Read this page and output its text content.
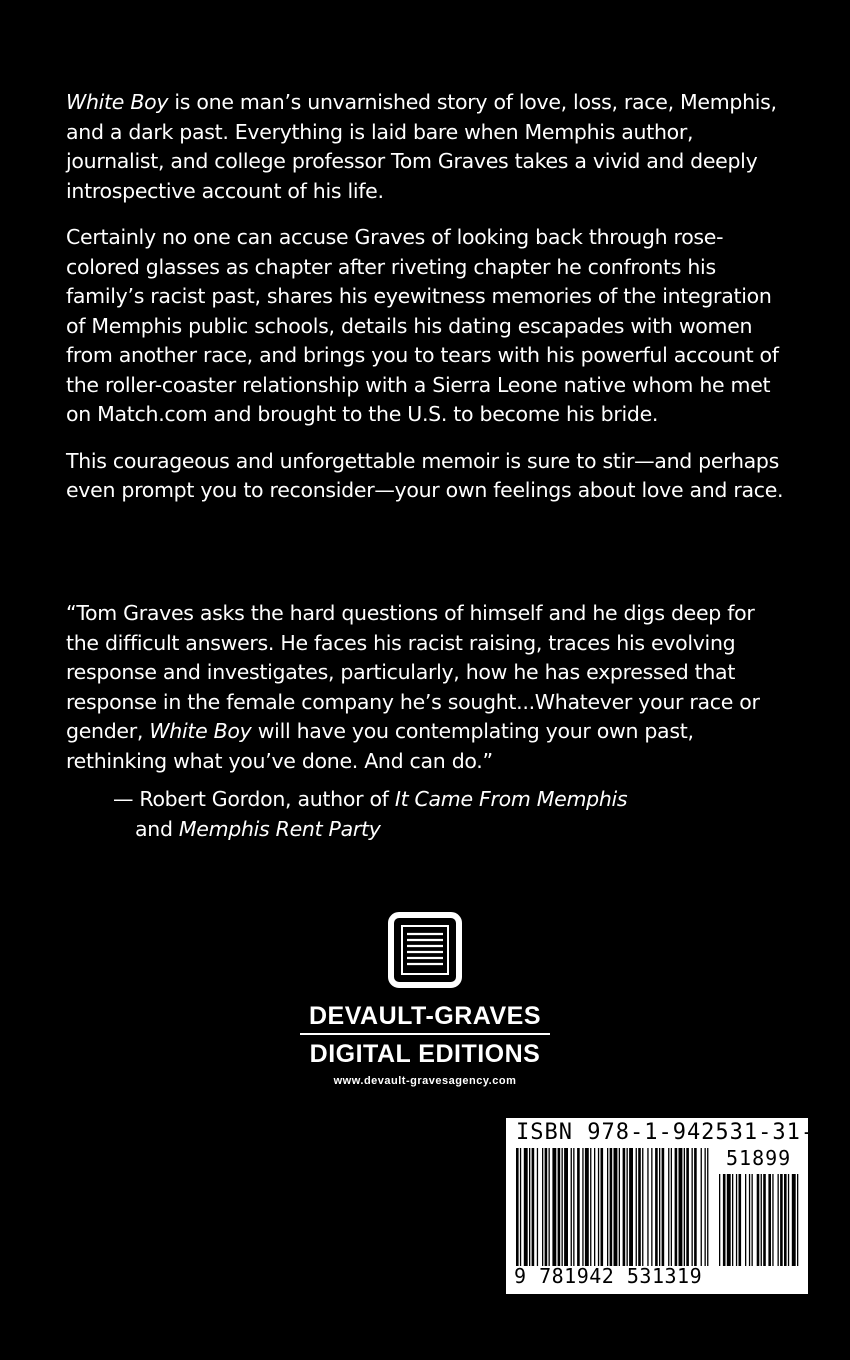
White Boy is one man’s unvarnished story of love, loss, race, Memphis, and a dark past. Everything is laid bare when Memphis author, journalist, and college professor Tom Graves takes a vivid and deeply introspective account of his life.

Certainly no one can accuse Graves of looking back through rose-colored glasses as chapter after riveting chapter he confronts his family’s racist past, shares his eyewitness memories of the integration of Memphis public schools, details his dating escapades with women from another race, and brings you to tears with his powerful account of the roller-coaster relationship with a Sierra Leone native whom he met on Match.com and brought to the U.S. to become his bride.

This courageous and unforgettable memoir is sure to stir—and perhaps even prompt you to reconsider—your own feelings about love and race.

“Tom Graves asks the hard questions of himself and he digs deep for the difficult answers. He faces his racist raising, traces his evolving response and investigates, particularly, how he has expressed that response in the female company he’s sought...Whatever your race or gender, White Boy will have you contemplating your own past, rethinking what you’ve done. And can do.”

— Robert Gordon, author of It Came From Memphis
and Memphis Rent Party
DEVAULT-GRAVES
DIGITAL EDITIONS
www.devault-gravesagency.com
ISBN 978-1-942531-31-9
51899
9 781942 531319
